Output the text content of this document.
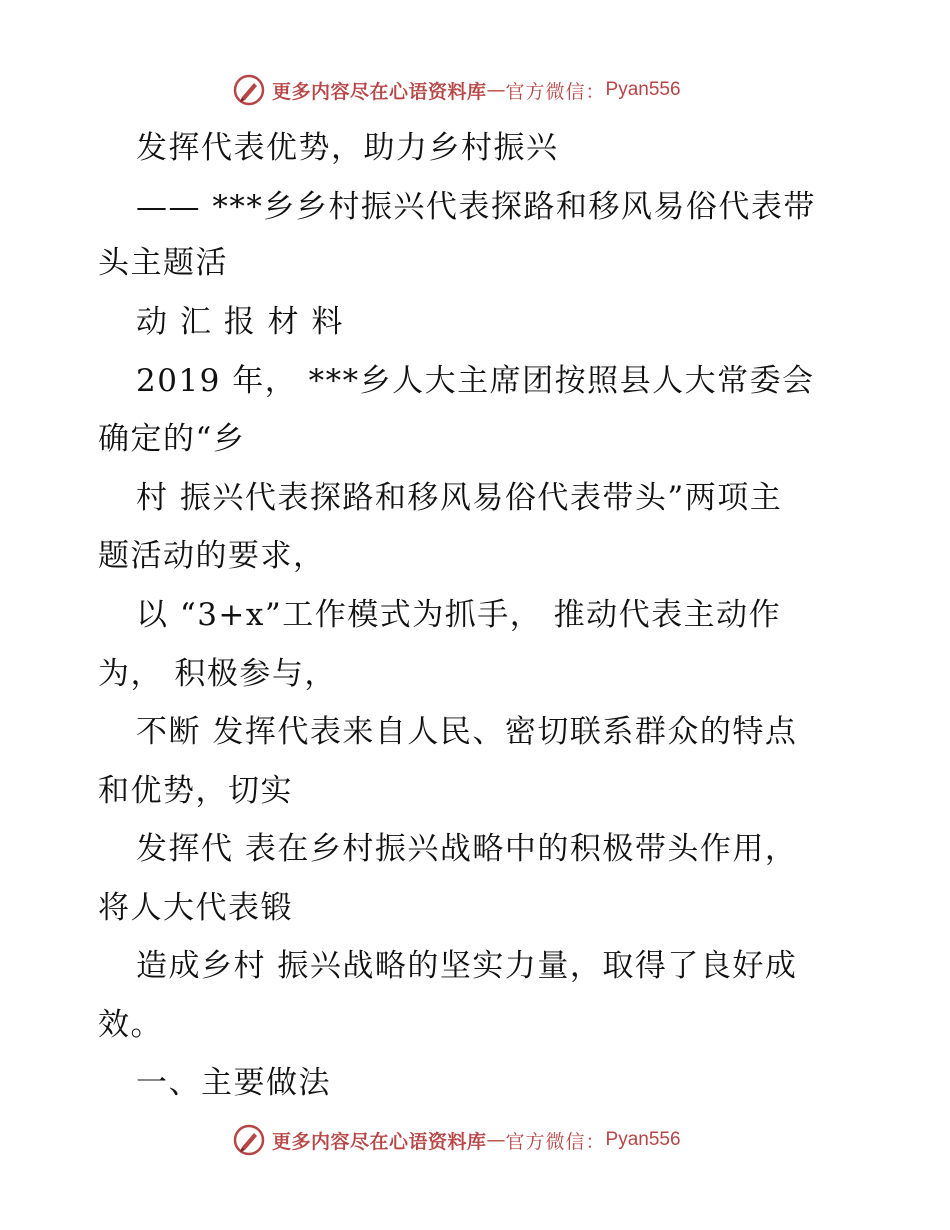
更多内容尽在心语资料库 — 官方微信： Pyan556
发挥代表优势，助力乡村振兴
—— ***乡乡村振兴代表探路和移风易俗代表带
头主题活
动 汇 报 材 料
2019 年， ***乡人大主席团按照县人大常委会
确定的“乡
村 振兴代表探路和移风易俗代表带头”两项主
题活动的要求，
以 “3+x”工作模式为抓手， 推动代表主动作
为， 积极参与，
不断 发挥代表来自人民、密切联系群众的特点
和优势，切实
发挥代 表在乡村振兴战略中的积极带头作用，
将人大代表锻
造成乡村 振兴战略的坚实力量，取得了良好成
效。
一、主要做法
更多内容尽在心语资料库 — 官方微信： Pyan556
